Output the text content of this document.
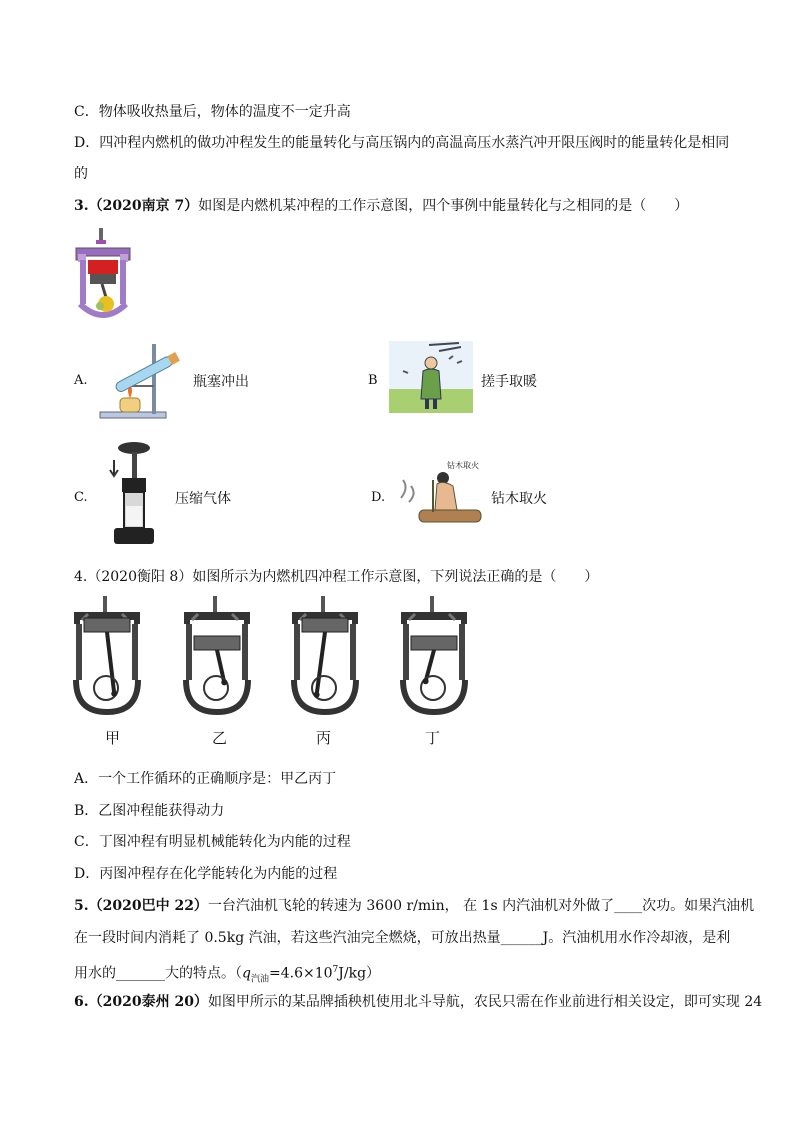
C．物体吸收热量后，物体的温度不一定升高
D．四冲程内燃机的做功冲程发生的能量转化与高压锅内的高温高压水蒸汽冲开限压阀时的能量转化是相同
的
3.（2020南京 7）如图是内燃机某冲程的工作示意图，四个事例中能量转化与之相同的是（　　）
A.	瓶塞冲出	B	搓手取暖
C.	压缩气体	D.
钻木取火
钻木取火
4.（2020衡阳 8）如图所示为内燃机四冲程工作示意图，下列说法正确的是（　　）
甲	乙	丙	丁
A．一个工作循环的正确顺序是：甲乙丙丁
B．乙图冲程能获得动力
C．丁图冲程有明显机械能转化为内能的过程
D．丙图冲程存在化学能转化为内能的过程
5.（2020巴中 22）一台汽油机飞轮的转速为 3600 r/min， 在 1s 内汽油机对外做了____次功。如果汽油机
在一段时间内消耗了 0.5kg 汽油，若这些汽油完全燃烧，可放出热量______J。汽油机用水作冷却液，是利
用水的_______大的特点。$(q_{汽油}=4.6\times 10^7J/kg)$
6.（2020泰州 20）如图甲所示的某品牌插秧机使用北斗导航，农民只需在作业前进行相关设定，即可实现 24
